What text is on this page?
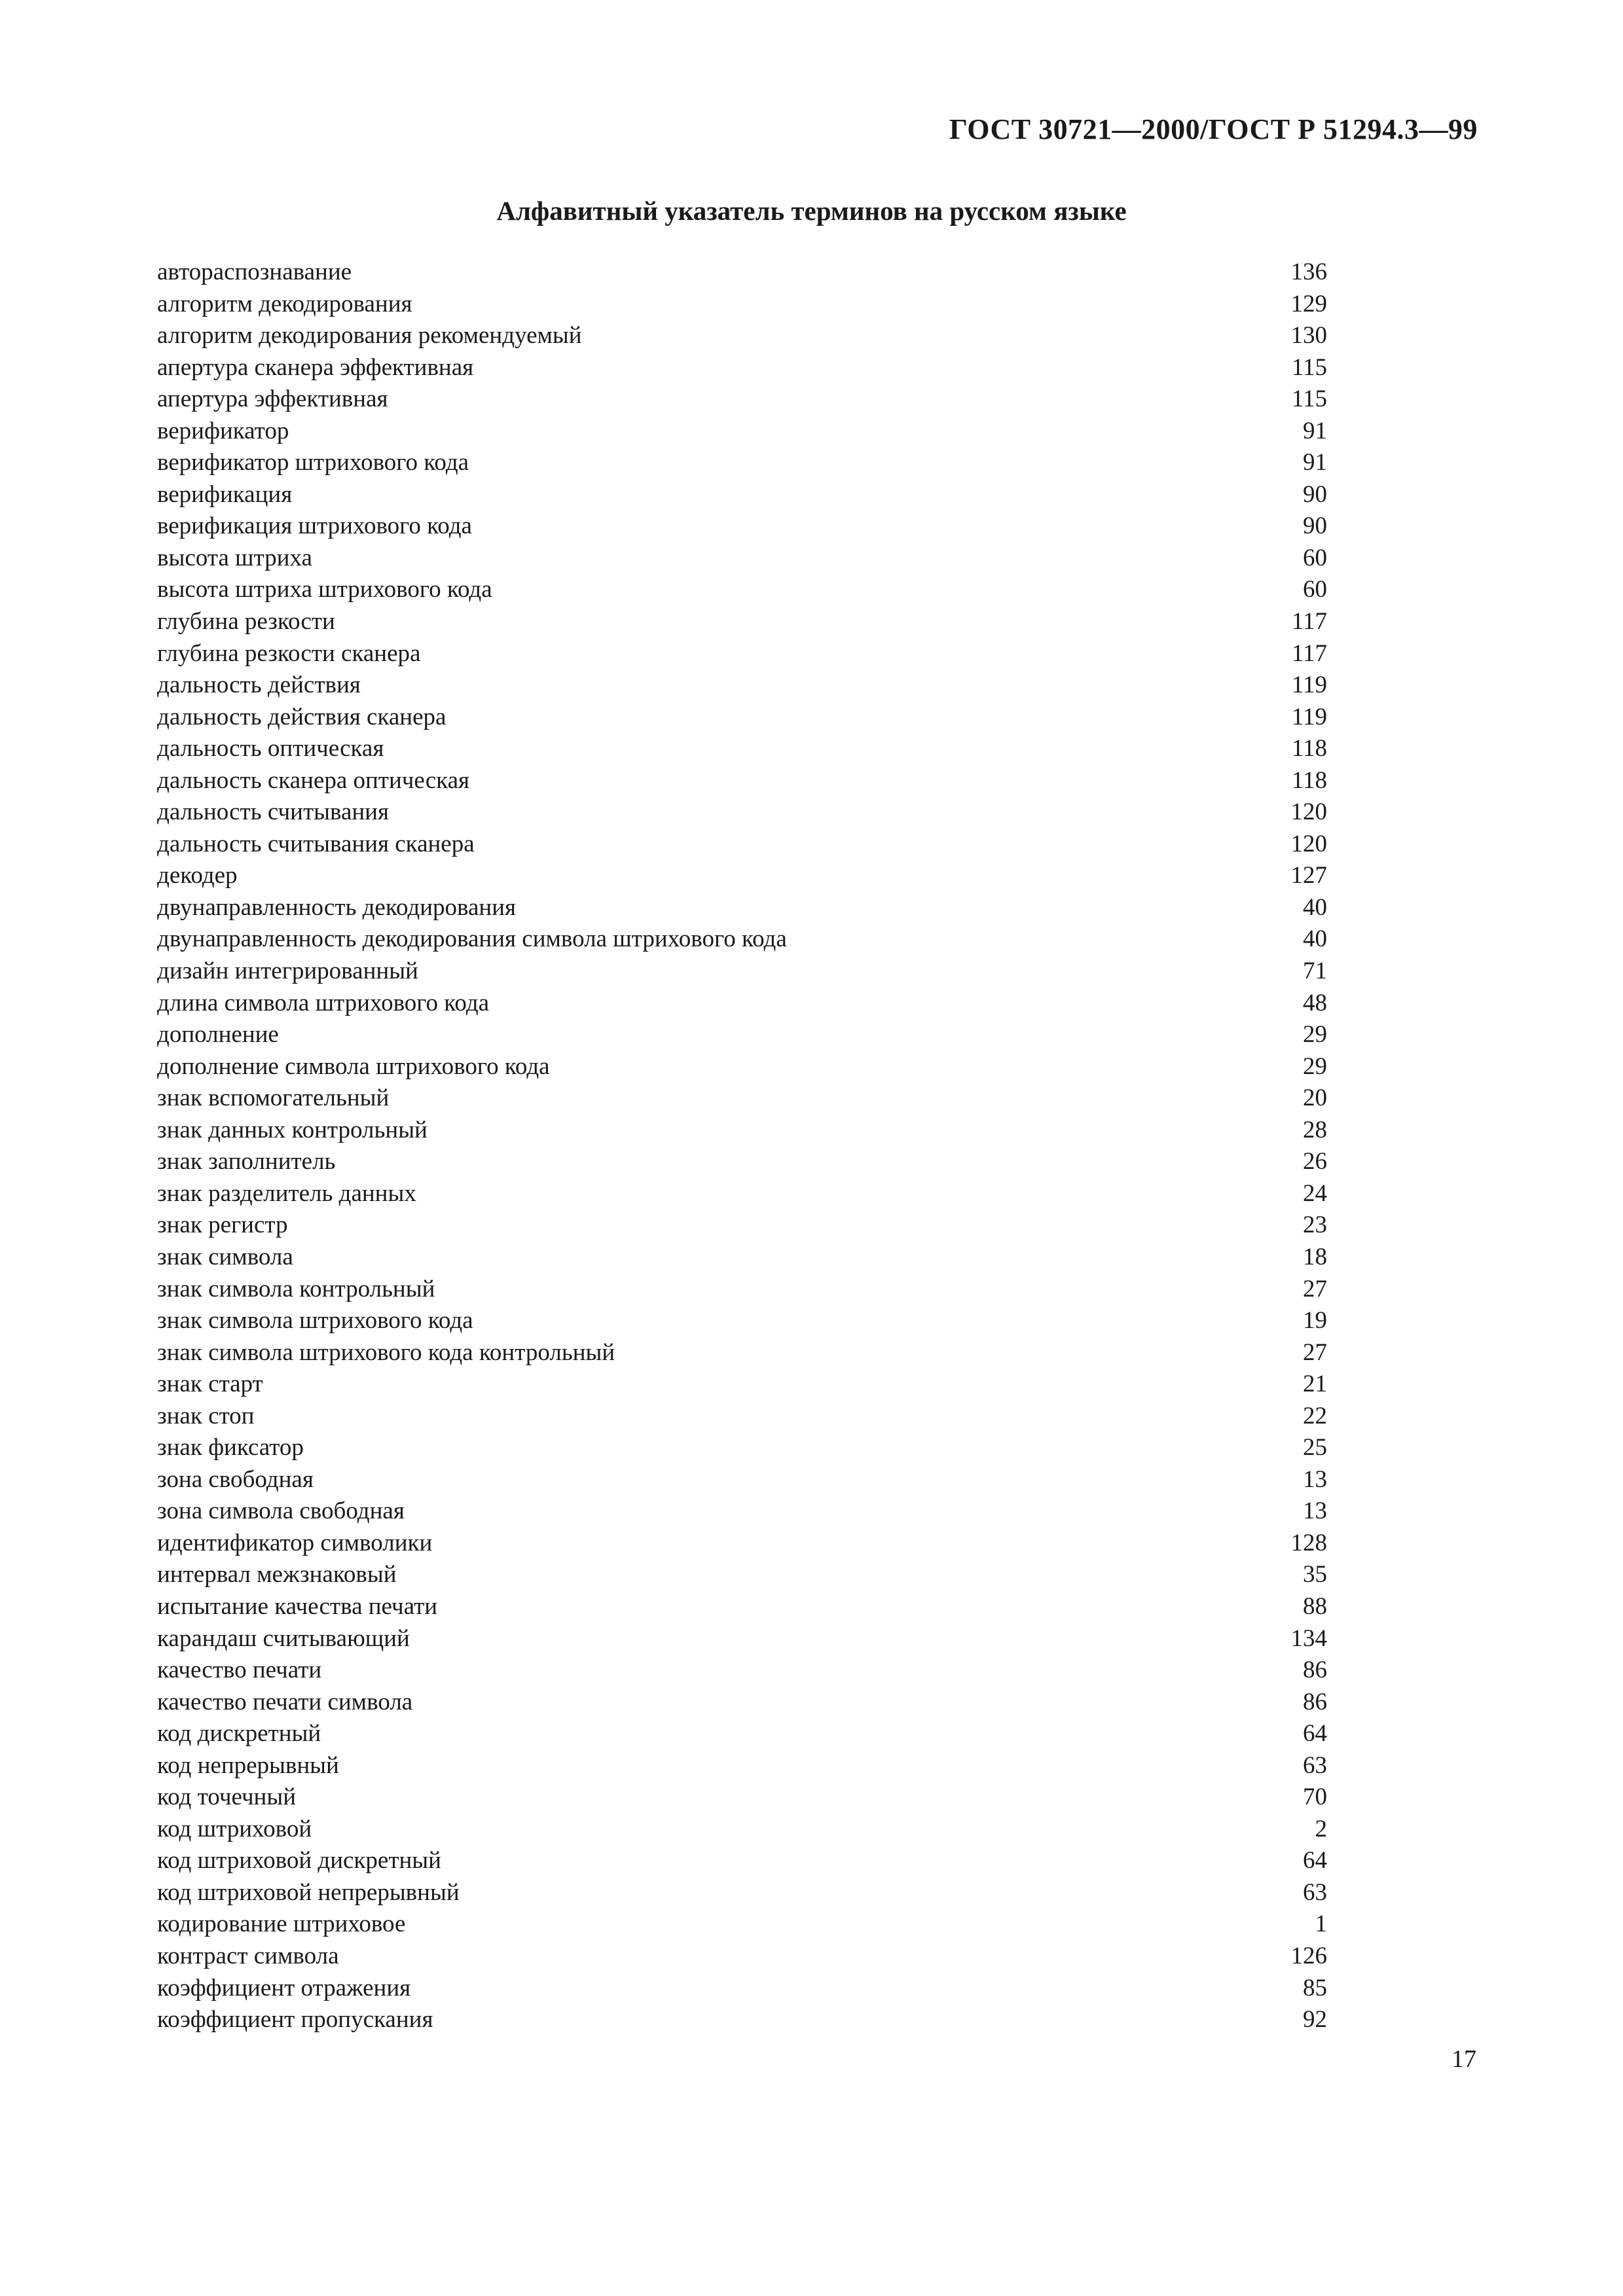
ГОСТ 30721—2000/ГОСТ Р 51294.3—99
Алфавитный указатель терминов на русском языке
автораспознавание	136
алгоритм декодирования	129
алгоритм декодирования рекомендуемый	130
апертура сканера эффективная	115
апертура эффективная	115
верификатор	91
верификатор штрихового кода	91
верификация	90
верификация штрихового кода	90
высота штриха	60
высота штриха штрихового кода	60
глубина резкости	117
глубина резкости сканера	117
дальность действия	119
дальность действия сканера	119
дальность оптическая	118
дальность сканера оптическая	118
дальность считывания	120
дальность считывания сканера	120
декодер	127
двунаправленность декодирования	40
двунаправленность декодирования символа штрихового кода	40
дизайн интегрированный	71
длина символа штрихового кода	48
дополнение	29
дополнение символа штрихового кода	29
знак вспомогательный	20
знак данных контрольный	28
знак заполнитель	26
знак разделитель данных	24
знак регистр	23
знак символа	18
знак символа контрольный	27
знак символа штрихового кода	19
знак символа штрихового кода контрольный	27
знак старт	21
знак стоп	22
знак фиксатор	25
зона свободная	13
зона символа свободная	13
идентификатор символики	128
интервал межзнаковый	35
испытание качества печати	88
карандаш считывающий	134
качество печати	86
качество печати символа	86
код дискретный	64
код непрерывный	63
код точечный	70
код штриховой	2
код штриховой дискретный	64
код штриховой непрерывный	63
кодирование штриховое	1
контраст символа	126
коэффициент отражения	85
коэффициент пропускания	92
17
